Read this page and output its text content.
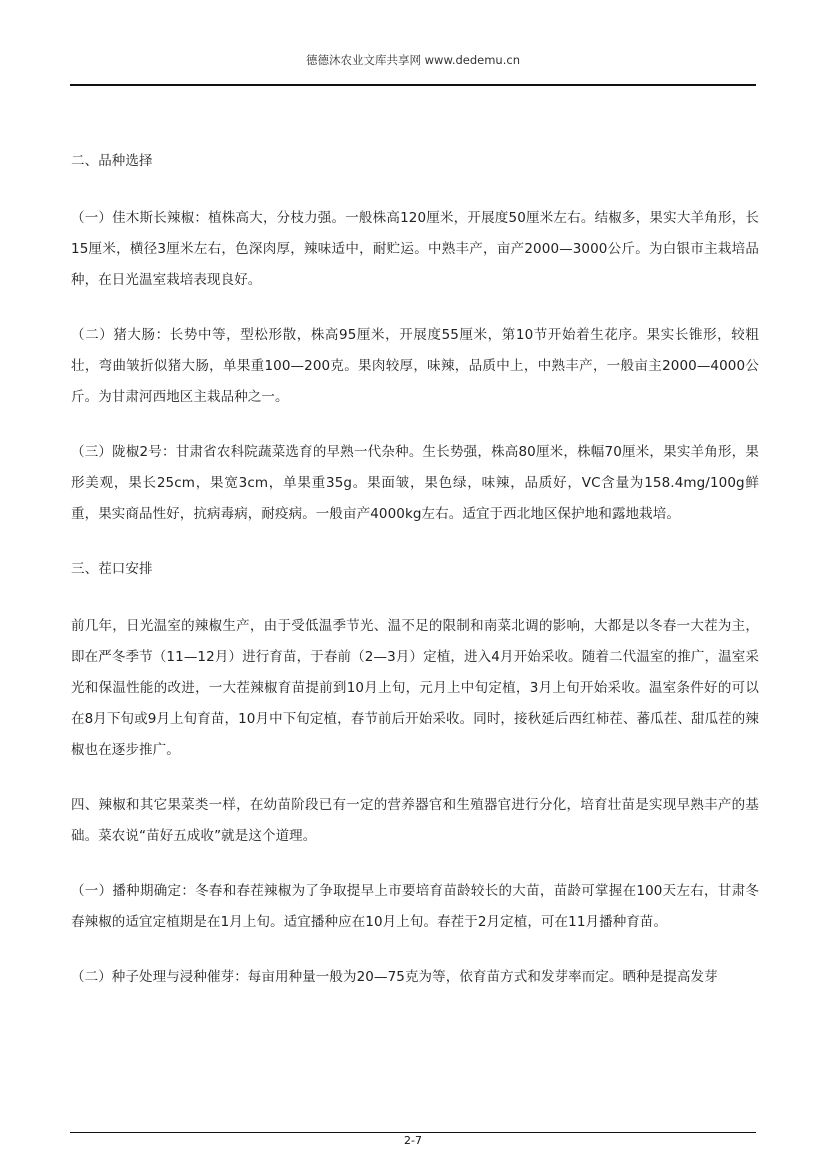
德德沐农业文库共享网 www.dedemu.cn

二、品种选择

（一）佳木斯长辣椒：植株高大，分枝力强。一般株高120厘米，开展度50厘米左右。结椒多，果实大羊角形，长15厘米，横径3厘米左右，色深肉厚，辣味适中，耐贮运。中熟丰产，亩产2000—3000公斤。为白银市主栽培品种，在日光温室栽培表现良好。

（二）猪大肠：长势中等，型松形散，株高95厘米，开展度55厘米，第10节开始着生花序。果实长锥形，较粗壮，弯曲皱折似猪大肠，单果重100—200克。果肉较厚，味辣，品质中上，中熟丰产，一般亩主2000—4000公斤。为甘肃河西地区主栽品种之一。

（三）陇椒2号：甘肃省农科院蔬菜选育的早熟一代杂种。生长势强，株高80厘米，株幅70厘米，果实羊角形，果形美观，果长25cm，果宽3cm，单果重35g。果面皱，果色绿，味辣，品质好，VC含量为158.4mg/100g鲜重，果实商品性好，抗病毒病，耐疫病。一般亩产4000kg左右。适宜于西北地区保护地和露地栽培。

三、茬口安排

前几年，日光温室的辣椒生产，由于受低温季节光、温不足的限制和南菜北调的影响，大都是以冬春一大茬为主，即在严冬季节（11—12月）进行育苗，于春前（2—3月）定植，进入4月开始采收。随着二代温室的推广，温室采光和保温性能的改进，一大茬辣椒育苗提前到10月上旬，元月上中旬定植，3月上旬开始采收。温室条件好的可以在8月下旬或9月上旬育苗，10月中下旬定植，春节前后开始采收。同时，接秋延后西红柿茬、蕃瓜茬、甜瓜茬的辣椒也在逐步推广。

四、辣椒和其它果菜类一样，在幼苗阶段已有一定的营养器官和生殖器官进行分化，培育壮苗是实现早熟丰产的基础。菜农说“苗好五成收”就是这个道理。

（一）播种期确定：冬春和春茬辣椒为了争取提早上市要培育苗龄较长的大苗，苗龄可掌握在100天左右，甘肃冬春辣椒的适宜定植期是在1月上旬。适宜播种应在10月上旬。春茬于2月定植，可在11月播种育苗。

（二）种子处理与浸种催芽：每亩用种量一般为20—75克为等，依育苗方式和发芽率而定。晒种是提高发芽

2-7
